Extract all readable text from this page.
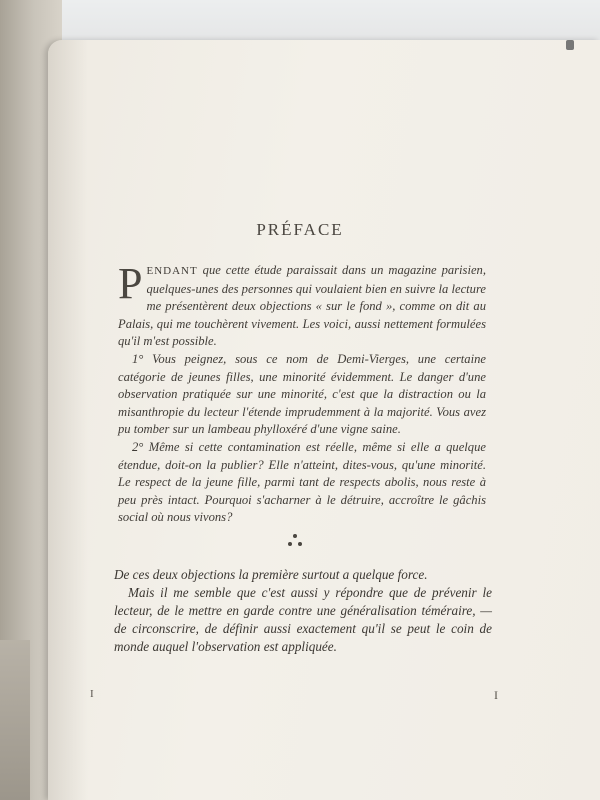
PRÉFACE

PENDANT que cette étude paraissait dans un magazine parisien, quelques-unes des personnes qui voulaient bien en suivre la lecture me présentèrent deux objections « sur le fond », comme on dit au Palais, qui me touchèrent vivement. Les voici, aussi nettement formulées qu'il m'est possible.

1° Vous peignez, sous ce nom de Demi-Vierges, une certaine catégorie de jeunes filles, une minorité évidemment. Le danger d'une observation pratiquée sur une minorité, c'est que la distraction ou la misanthropie du lecteur l'étende imprudemment à la majorité. Vous avez pu tomber sur un lambeau phylloxéré d'une vigne saine.

2° Même si cette contamination est réelle, même si elle a quelque étendue, doit-on la publier? Elle n'atteint, dites-vous, qu'une minorité. Le respect de la jeune fille, parmi tant de respects abolis, nous reste à peu près intact. Pourquoi s'acharner à le détruire, accroître le gâchis social où nous vivons?

De ces deux objections la première surtout a quelque force.

Mais il me semble que c'est aussi y répondre que de prévenir le lecteur, de le mettre en garde contre une généralisation téméraire, — de circonscrire, de définir aussi exactement qu'il se peut le coin de monde auquel l'observation est appliquée.

I	I
